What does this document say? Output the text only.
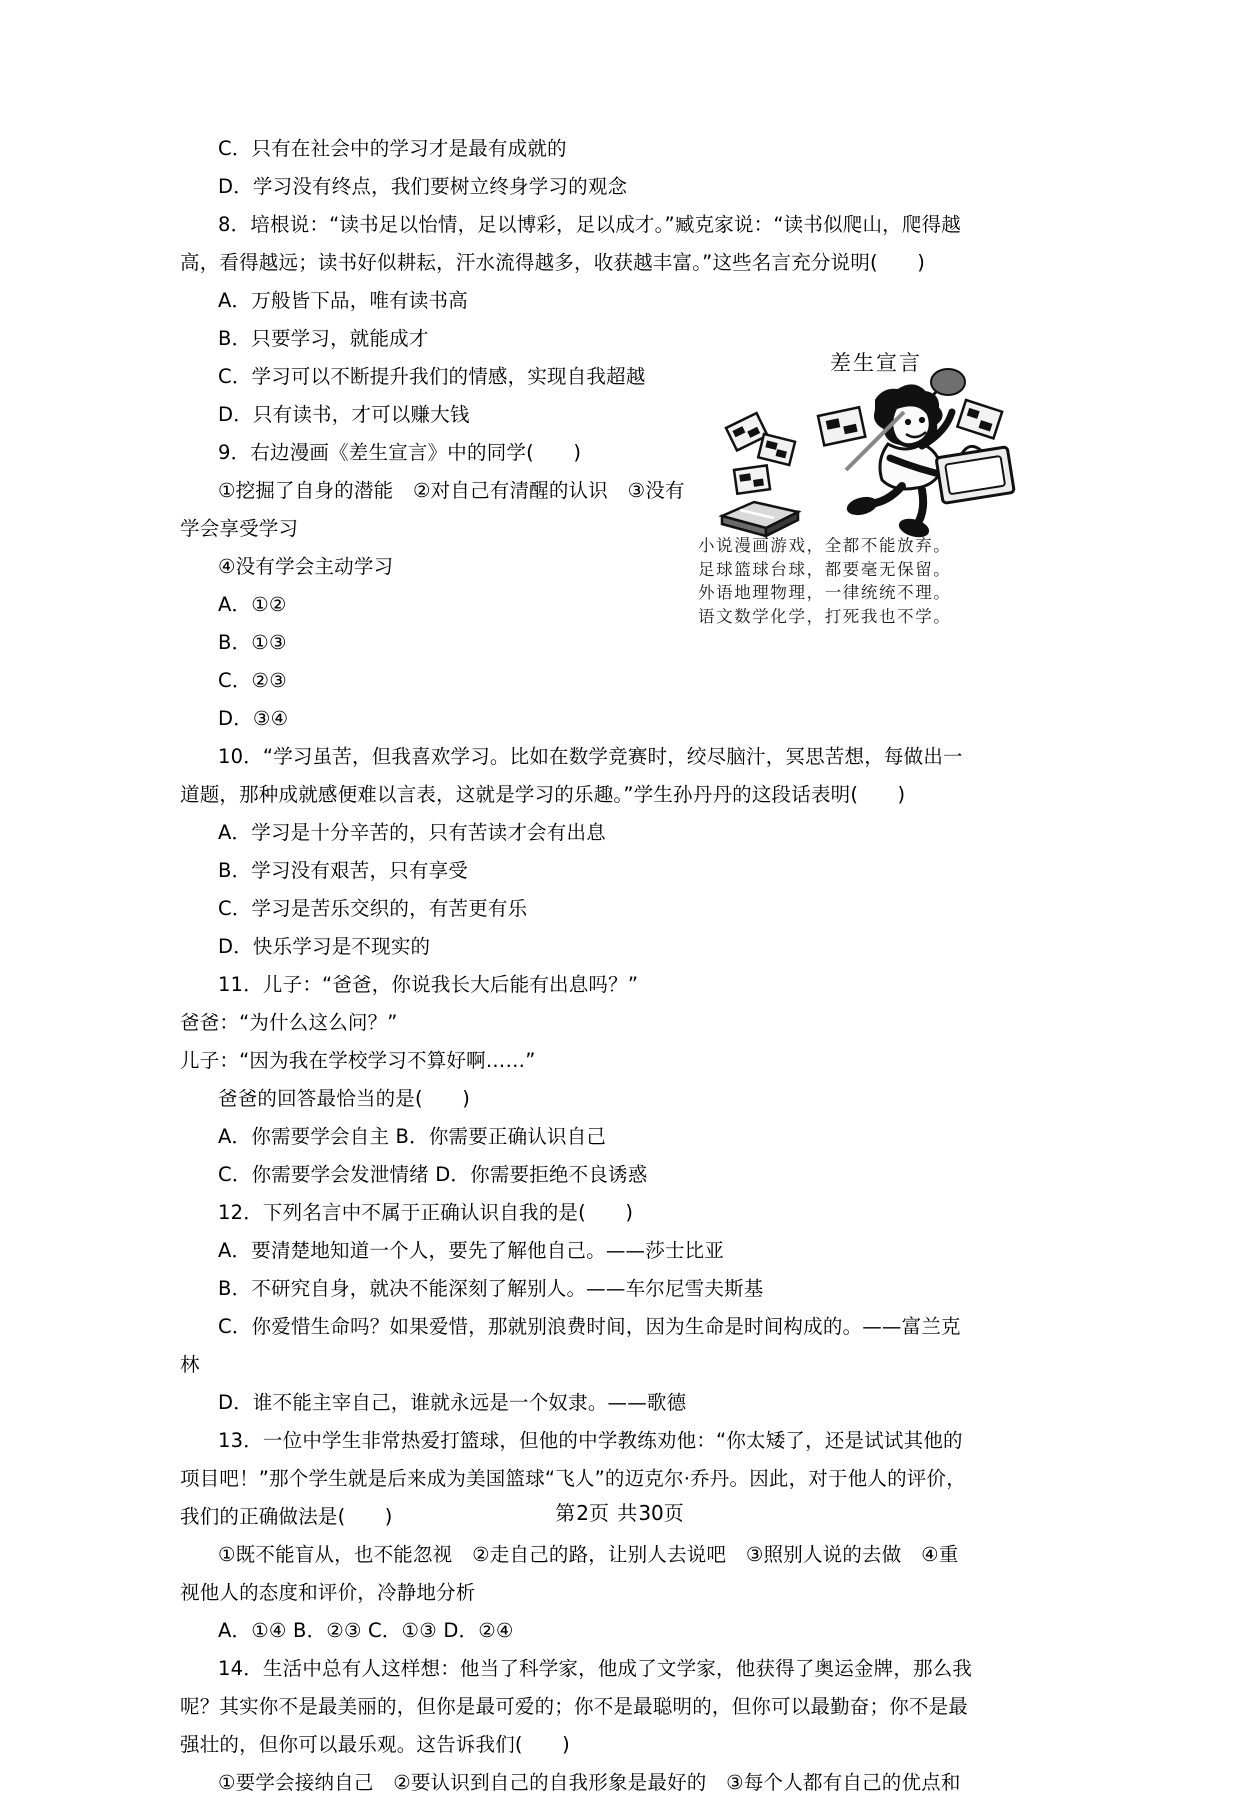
差生宣言
小说漫画游戏，全都不能放弃。
足球篮球台球，都要毫无保留。
外语地理物理，一律统统不理。
语文数学化学，打死我也不学。
C．只有在社会中的学习才是最有成就的
D．学习没有终点，我们要树立终身学习的观念
8．培根说：“读书足以怡情，足以博彩，足以成才。”臧克家说：“读书似爬山，爬得越
高，看得越远；读书好似耕耘，汗水流得越多，收获越丰富。”这些名言充分说明(  )
A．万般皆下品，唯有读书高
B．只要学习，就能成才
C．学习可以不断提升我们的情感，实现自我超越
D．只有读书，才可以赚大钱
9．右边漫画《差生宣言》中的同学(  )
①挖掘了自身的潜能 ②对自己有清醒的认识 ③没有
学会享受学习
④没有学会主动学习
A．①②
B．①③
C．②③
D．③④
10．“学习虽苦，但我喜欢学习。比如在数学竞赛时，绞尽脑汁，冥思苦想，每做出一
道题，那种成就感便难以言表，这就是学习的乐趣。”学生孙丹丹的这段话表明(  )
A．学习是十分辛苦的，只有苦读才会有出息
B．学习没有艰苦，只有享受
C．学习是苦乐交织的，有苦更有乐
D．快乐学习是不现实的
11．儿子：“爸爸，你说我长大后能有出息吗？”
爸爸：“为什么这么问？”
儿子：“因为我在学校学习不算好啊……”
爸爸的回答最恰当的是(  )
A．你需要学会自主 B．你需要正确认识自己
C．你需要学会发泄情绪 D．你需要拒绝不良诱惑
12．下列名言中不属于正确认识自我的是(  )
A．要清楚地知道一个人，要先了解他自己。——莎士比亚
B．不研究自身，就决不能深刻了解别人。——车尔尼雪夫斯基
C．你爱惜生命吗？如果爱惜，那就别浪费时间，因为生命是时间构成的。——富兰克
林
D．谁不能主宰自己，谁就永远是一个奴隶。——歌德
13．一位中学生非常热爱打篮球，但他的中学教练劝他：“你太矮了，还是试试其他的
项目吧！”那个学生就是后来成为美国篮球“飞人”的迈克尔·乔丹。因此，对于他人的评价，
我们的正确做法是(  )
①既不能盲从，也不能忽视 ②走自己的路，让别人去说吧 ③照别人说的去做 ④重
视他人的态度和评价，冷静地分析
A．①④ B．②③ C．①③ D．②④
14．生活中总有人这样想：他当了科学家，他成了文学家，他获得了奥运金牌，那么我
呢？其实你不是最美丽的，但你是最可爱的；你不是最聪明的，但你可以最勤奋；你不是最
强壮的，但你可以最乐观。这告诉我们(  )
①要学会接纳自己 ②要认识到自己的自我形象是最好的 ③每个人都有自己的优点和
第2页 共30页
